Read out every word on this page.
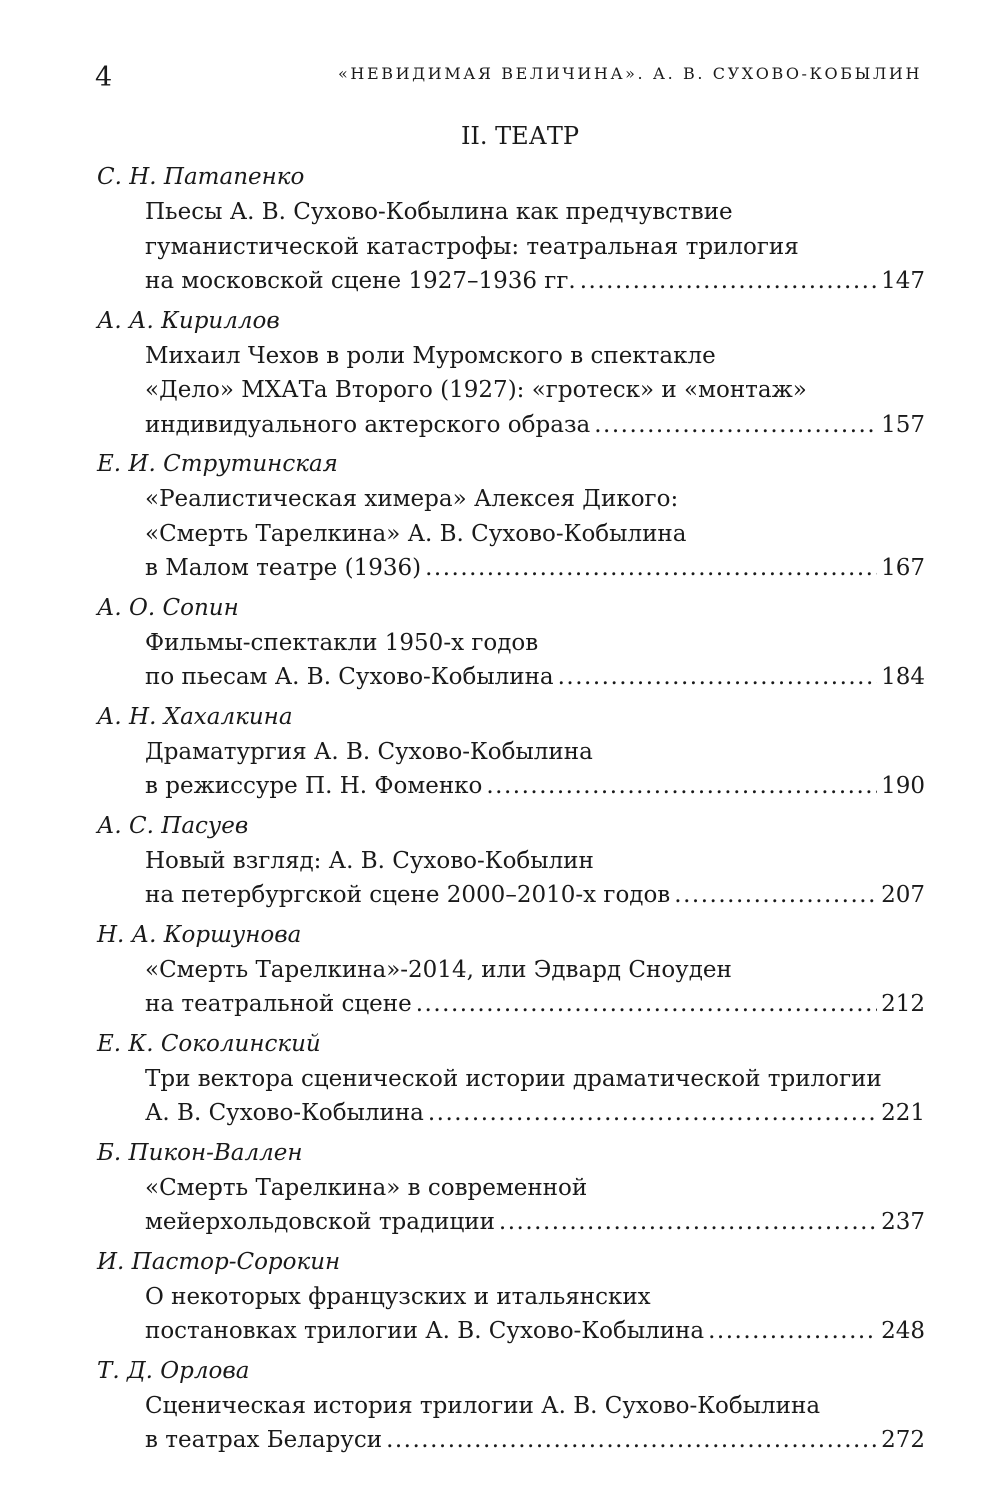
4	«НЕВИДИМАЯ ВЕЛИЧИНА». А. В. СУХОВО-КОБЫЛИН
II. ТЕАТР
С. Н. Патапенко
Пьесы А. В. Сухово-Кобылина как предчувствие
гуманистической катастрофы: театральная трилогия
на московской сцене 1927–1936 гг. .....	147
А. А. Кириллов
Михаил Чехов в роли Муромского в спектакле
«Дело» МХАТа Второго (1927): «гротеск» и «монтаж»
индивидуального актерского образа .....	157
Е. И. Струтинская
«Реалистическая химера» Алексея Дикого:
«Смерть Тарелкина» А. В. Сухово-Кобылина
в Малом театре (1936) .....	167
А. О. Сопин
Фильмы-спектакли 1950-х годов
по пьесам А. В. Сухово-Кобылина .....	184
А. Н. Хахалкина
Драматургия А. В. Сухово-Кобылина
в режиссуре П. Н. Фоменко .....	190
А. С. Пасуев
Новый взгляд: А. В. Сухово-Кобылин
на петербургской сцене 2000–2010-х годов .....	207
Н. А. Коршунова
«Смерть Тарелкина»-2014, или Эдвард Сноуден
на театральной сцене .....	212
Е. К. Соколинский
Три вектора сценической истории драматической трилогии
А. В. Сухово-Кобылина .....	221
Б. Пикон-Валлен
«Смерть Тарелкина» в современной
мейерхольдовской традиции .....	237
И. Пастор-Сорокин
О некоторых французских и итальянских
постановках трилогии А. В. Сухово-Кобылина .....	248
Т. Д. Орлова
Сценическая история трилогии А. В. Сухово-Кобылина
в театрах Беларуси .....	272
